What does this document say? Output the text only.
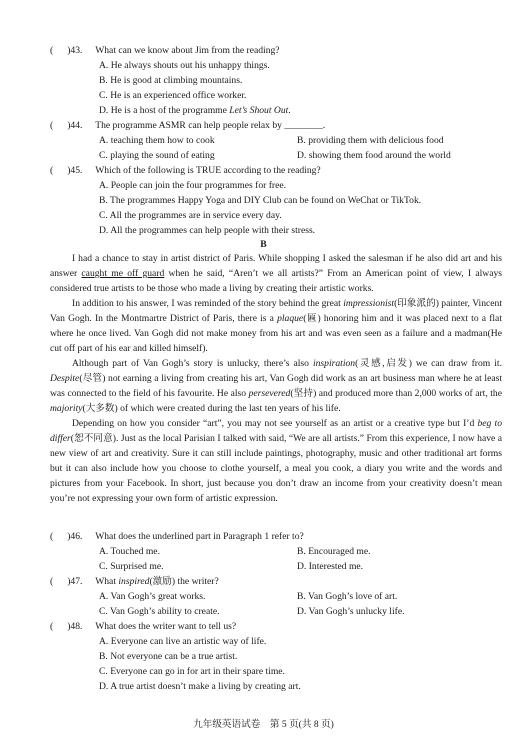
( )43. What can we know about Jim from the reading?
A. He always shouts out his unhappy things.
B. He is good at climbing mountains.
C. He is an experienced office worker.
D. He is a host of the programme Let’s Shout Out.
( )44. The programme ASMR can help people relax by ________.
A. teaching them how to cook	B. providing them with delicious food
C. playing the sound of eating	D. showing them food around the world
( )45. Which of the following is TRUE according to the reading?
A. People can join the four programmes for free.
B. The programmes Happy Yoga and DIY Club can be found on WeChat or TikTok.
C. All the programmes are in service every day.
D. All the programmes can help people with their stress.
B

I had a chance to stay in artist district of Paris. While shopping I asked the salesman if he also did art and his answer caught me off guard when he said, “Aren’t we all artists?” From an American point of view, I always considered true artists to be those who made a living by creating their artistic works.

In addition to his answer, I was reminded of the story behind the great impressionist(印象派的) painter, Vincent Van Gogh. In the Montmartre District of Paris, there is a plaque(匾) honoring him and it was placed next to a flat where he once lived. Van Gogh did not make money from his art and was even seen as a failure and a madman(He cut off part of his ear and killed himself).

Although part of Van Gogh’s story is unlucky, there’s also inspiration(灵感,启发) we can draw from it. Despite(尽管) not earning a living from creating his art, Van Gogh did work as an art business man where he at least was connected to the field of his favourite. He also persevered(坚持) and produced more than 2,000 works of art, the majority(大多数) of which were created during the last ten years of his life.

Depending on how you consider “art”, you may not see yourself as an artist or a creative type but I’d beg to differ(恕不同意). Just as the local Parisian I talked with said, “We are all artists.” From this experience, I now have a new view of art and creativity. Sure it can still include paintings, photography, music and other traditional art forms but it can also include how you choose to clothe yourself, a meal you cook, a diary you write and the words and pictures from your Facebook. In short, just because you don’t draw an income from your creativity doesn’t mean you’re not expressing your own form of artistic expression.

( )46. What does the underlined part in Paragraph 1 refer to?
A. Touched me.	B. Encouraged me.
C. Surprised me.	D. Interested me.
( )47. What inspired(激励) the writer?
A. Van Gogh’s great works.	B. Van Gogh’s love of art.
C. Van Gogh’s ability to create.	D. Van Gogh’s unlucky life.
( )48. What does the writer want to tell us?
A. Everyone can live an artistic way of life.
B. Not everyone can be a true artist.
C. Everyone can go in for art in their spare time.
D. A true artist doesn’t make a living by creating art.
九年级英语试卷　第 5 页(共 8 页)
